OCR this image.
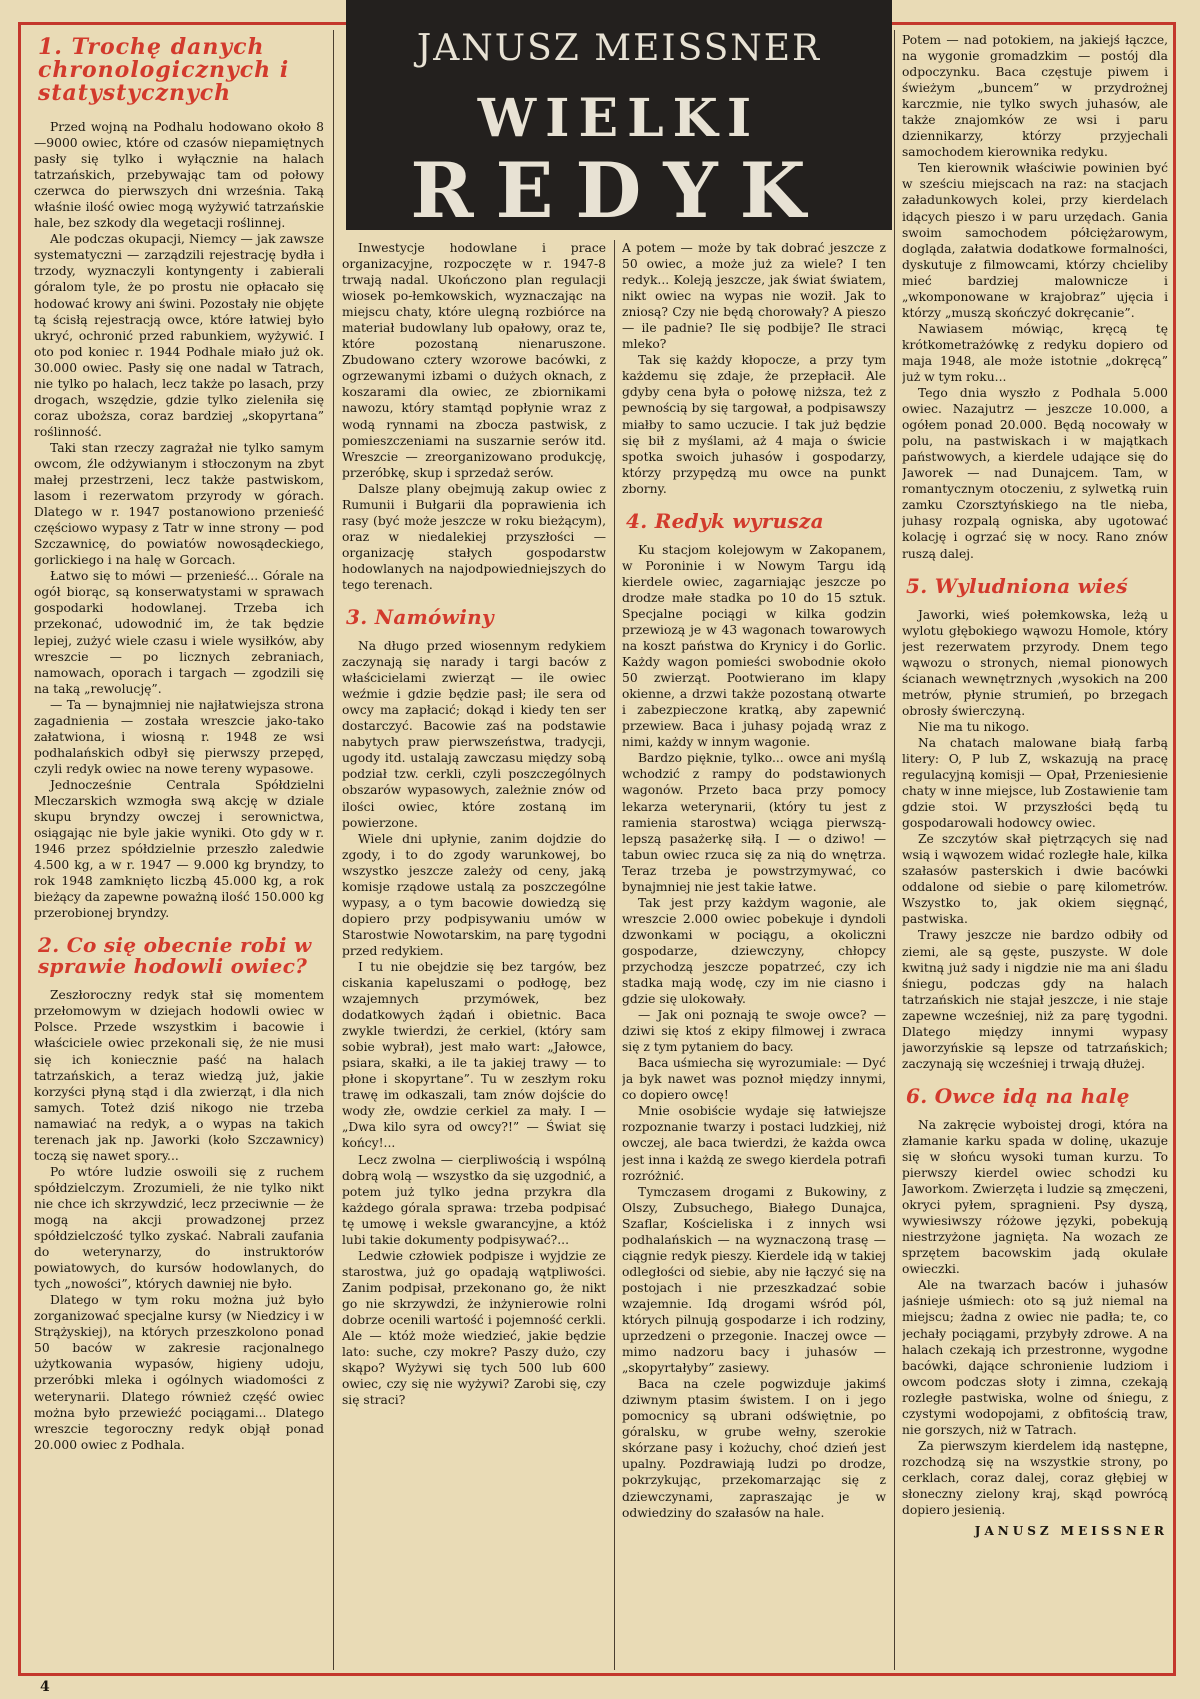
JANUSZ MEISSNER
WIELKI
REDYK
1. Trochę danych chronologicznych i statystycznych

Przed wojną na Podhalu hodowano około 8—9000 owiec, które od czasów niepamiętnych pasły się tylko i wyłącznie na halach tatrzańskich, przebywając tam od połowy czerwca do pierwszych dni września. Taką właśnie ilość owiec mogą wyżywić tatrzańskie hale, bez szkody dla wegetacji roślinnej.

Ale podczas okupacji, Niemcy — jak zawsze systematyczni — zarządzili rejestrację bydła i trzody, wyznaczyli kontyngenty i zabierali góralom tyle, że po prostu nie opłacało się hodować krowy ani świni. Pozostały nie objęte tą ścisłą rejestracją owce, które łatwiej było ukryć, ochronić przed rabunkiem, wyżywić. I oto pod koniec r. 1944 Podhale miało już ok. 30.000 owiec. Pasły się one nadal w Tatrach, nie tylko po halach, lecz także po lasach, przy drogach, wszędzie, gdzie tylko zieleniła się coraz uboższa, coraz bardziej „skopyrtana” roślinność.

Taki stan rzeczy zagrażał nie tylko samym owcom, źle odżywianym i stłoczonym na zbyt małej przestrzeni, lecz także pastwiskom, lasom i rezerwatom przyrody w górach. Dlatego w r. 1947 postanowiono przenieść częściowo wypasy z Tatr w inne strony — pod Szczawnicę, do powiatów nowosądeckiego, gorlickiego i na halę w Gorcach.

Łatwo się to mówi — przenieść... Górale na ogół biorąc, są konserwatystami w sprawach gospodarki hodowlanej. Trzeba ich przekonać, udowodnić im, że tak będzie lepiej, zużyć wiele czasu i wiele wysiłków, aby wreszcie — po licznych zebraniach, namowach, oporach i targach — zgodzili się na taką „rewolucję”.

— Ta — bynajmniej nie najłatwiejsza strona zagadnienia — została wreszcie jako-tako załatwiona, i wiosną r. 1948 ze wsi podhalańskich odbył się pierwszy przepęd, czyli redyk owiec na nowe tereny wypasowe.

Jednocześnie Centrala Spółdzielni Mleczarskich wzmogła swą akcję w dziale skupu bryndzy owczej i serownictwa, osiągając nie byle jakie wyniki. Oto gdy w r. 1946 przez spółdzielnie przeszło zaledwie 4.500 kg, a w r. 1947 — 9.000 kg bryndzy, to rok 1948 zamknięto liczbą 45.000 kg, a rok bieżący da zapewne poważną ilość 150.000 kg przerobionej bryndzy.

2. Co się obecnie robi w sprawie hodowli owiec?

Zeszłoroczny redyk stał się momentem przełomowym w dziejach hodowli owiec w Polsce. Przede wszystkim i bacowie i właściciele owiec przekonali się, że nie musi się ich koniecznie paść na halach tatrzańskich, a teraz wiedzą już, jakie korzyści płyną stąd i dla zwierząt, i dla nich samych. Toteż dziś nikogo nie trzeba namawiać na redyk, a o wypas na takich terenach jak np. Jaworki (koło Szczawnicy) toczą się nawet spory...

Po wtóre ludzie oswoili się z ruchem spółdzielczym. Zrozumieli, że nie tylko nikt nie chce ich skrzywdzić, lecz przeciwnie — że mogą na akcji prowadzonej przez spółdzielczość tylko zyskać. Nabrali zaufania do weterynarzy, do instruktorów powiatowych, do kursów hodowlanych, do tych „nowości”, których dawniej nie było.

Dlatego w tym roku można już było zorganizować specjalne kursy (w Niedzicy i w Strążyskiej), na których przeszkolono ponad 50 baców w zakresie racjonalnego użytkowania wypasów, higieny udoju, przeróbki mleka i ogólnych wiadomości z weterynarii. Dlatego również część owiec można było przewieźć pociągami... Dlatego wreszcie tegoroczny redyk objął ponad 20.000 owiec z Podhala.

Inwestycje hodowlane i prace organizacyjne, rozpoczęte w r. 1947-8 trwają nadal. Ukończono plan regulacji wiosek po-łemkowskich, wyznaczając na miejscu chaty, które ulegną rozbiórce na materiał budowlany lub opałowy, oraz te, które pozostaną nienaruszone. Zbudowano cztery wzorowe bacówki, z ogrzewanymi izbami o dużych oknach, z koszarami dla owiec, ze zbiornikami nawozu, który stamtąd popłynie wraz z wodą rynnami na zbocza pastwisk, z pomieszczeniami na suszarnie serów itd. Wreszcie — zreorganizowano produkcję, przeróbkę, skup i sprzedaż serów.

Dalsze plany obejmują zakup owiec z Rumunii i Bułgarii dla poprawienia ich rasy (być może jeszcze w roku bieżącym), oraz w niedalekiej przyszłości — organizację stałych gospodarstw hodowlanych na najodpowiedniejszych do tego terenach.

3. Namówiny

Na długo przed wiosennym redykiem zaczynają się narady i targi baców z właścicielami zwierząt — ile owiec weźmie i gdzie będzie pasł; ile sera od owcy ma zapłacić; dokąd i kiedy ten ser dostarczyć. Bacowie zaś na podstawie nabytych praw pierwszeństwa, tradycji, ugody itd. ustalają zawczasu między sobą podział tzw. cerkli, czyli poszczególnych obszarów wypasowych, zależnie znów od ilości owiec, które zostaną im powierzone.

Wiele dni upłynie, zanim dojdzie do zgody, i to do zgody warunkowej, bo wszystko jeszcze zależy od ceny, jaką komisje rządowe ustalą za poszczególne wypasy, a o tym bacowie dowiedzą się dopiero przy podpisywaniu umów w Starostwie Nowotarskim, na parę tygodni przed redykiem.

I tu nie obejdzie się bez targów, bez ciskania kapeluszami o podłogę, bez wzajemnych przymówek, bez dodatkowych żądań i obietnic. Baca zwykle twierdzi, że cerkiel, (który sam sobie wybrał), jest mało wart: „Jałowce, psiara, skałki, a ile ta jakiej trawy — to płone i skopyrtane”. Tu w zeszłym roku trawę im odkaszali, tam znów dojście do wody złe, owdzie cerkiel za mały. I — „Dwa kilo syra od owcy?!” — Świat się końcy!...

Lecz zwolna — cierpliwością i wspólną dobrą wolą — wszystko da się uzgodnić, a potem już tylko jedna przykra dla każdego górala sprawa: trzeba podpisać tę umowę i weksle gwarancyjne, a któż lubi takie dokumenty podpisywać?...

Ledwie człowiek podpisze i wyjdzie ze starostwa, już go opadają wątpliwości. Zanim podpisał, przekonano go, że nikt go nie skrzywdzi, że inżynierowie rolni dobrze ocenili wartość i pojemność cerkli. Ale — któż może wiedzieć, jakie będzie lato: suche, czy mokre? Paszy dużo, czy skąpo? Wyżywi się tych 500 lub 600 owiec, czy się nie wyżywi? Zarobi się, czy się straci?

A potem — może by tak dobrać jeszcze z 50 owiec, a może już za wiele? I ten redyk... Koleją jeszcze, jak świat światem, nikt owiec na wypas nie woził. Jak to zniosą? Czy nie będą chorowały? A pieszo — ile padnie? Ile się podbije? Ile straci mleko?

Tak się każdy kłopocze, a przy tym każdemu się zdaje, że przepłacił. Ale gdyby cena była o połowę niższa, też z pewnością by się targował, a podpisawszy miałby to samo uczucie. I tak już będzie się bił z myślami, aż 4 maja o świcie spotka swoich juhasów i gospodarzy, którzy przypędzą mu owce na punkt zborny.

4. Redyk wyrusza

Ku stacjom kolejowym w Zakopanem, w Poroninie i w Nowym Targu idą kierdele owiec, zagarniając jeszcze po drodze małe stadka po 10 do 15 sztuk. Specjalne pociągi w kilka godzin przewiozą je w 43 wagonach towarowych na koszt państwa do Krynicy i do Gorlic. Każdy wagon pomieści swobodnie około 50 zwierząt. Pootwierano im klapy okienne, a drzwi także pozostaną otwarte i zabezpieczone kratką, aby zapewnić przewiew. Baca i juhasy pojadą wraz z nimi, każdy w innym wagonie.

Bardzo pięknie, tylko... owce ani myślą wchodzić z rampy do podstawionych wagonów. Przeto baca przy pomocy lekarza weterynarii, (który tu jest z ramienia starostwa) wciąga pierwszą-lepszą pasażerkę siłą. I — o dziwo! — tabun owiec rzuca się za nią do wnętrza. Teraz trzeba je powstrzymywać, co bynajmniej nie jest takie łatwe.

Tak jest przy każdym wagonie, ale wreszcie 2.000 owiec pobekuje i dyndoli dzwonkami w pociągu, a okoliczni gospodarze, dziewczyny, chłopcy przychodzą jeszcze popatrzeć, czy ich stadka mają wodę, czy im nie ciasno i gdzie się ulokowały.

— Jak oni poznają te swoje owce? — dziwi się ktoś z ekipy filmowej i zwraca się z tym pytaniem do bacy.

Baca uśmiecha się wyrozumiale: — Dyć ja byk nawet was poznoł między innymi, co dopiero owcę!

Mnie osobiście wydaje się łatwiejsze rozpoznanie twarzy i postaci ludzkiej, niż owczej, ale baca twierdzi, że każda owca jest inna i każdą ze swego kierdela potrafi rozróżnić.

Tymczasem drogami z Bukowiny, z Olszy, Zubsuchego, Białego Dunajca, Szaflar, Kościeliska i z innych wsi podhalańskich — na wyznaczoną trasę — ciągnie redyk pieszy. Kierdele idą w takiej odległości od siebie, aby nie łączyć się na postojach i nie przeszkadzać sobie wzajemnie. Idą drogami wśród pól, których pilnują gospodarze i ich rodziny, uprzedzeni o przegonie. Inaczej owce — mimo nadzoru bacy i juhasów — „skopyrtałyby” zasiewy.

Baca na czele pogwizduje jakimś dziwnym ptasim świstem. I on i jego pomocnicy są ubrani odświętnie, po góralsku, w grube wełny, szerokie skórzane pasy i kożuchy, choć dzień jest upalny. Pozdrawiają ludzi po drodze, pokrzykując, przekomarzając się z dziewczynami, zapraszając je w odwiedziny do szałasów na hale.

Potem — nad potokiem, na jakiejś łączce, na wygonie gromadzkim — postój dla odpoczynku. Baca częstuje piwem i świeżym „buncem” w przydrożnej karczmie, nie tylko swych juhasów, ale także znajomków ze wsi i paru dziennikarzy, którzy przyjechali samochodem kierownika redyku.

Ten kierownik właściwie powinien być w sześciu miejscach na raz: na stacjach załadunkowych kolei, przy kierdelach idących pieszo i w paru urzędach. Gania swoim samochodem półciężarowym, dogląda, załatwia dodatkowe formalności, dyskutuje z filmowcami, którzy chcieliby mieć bardziej malownicze i „wkomponowane w krajobraz” ujęcia i którzy „muszą skończyć dokręcanie”.

Nawiasem mówiąc, kręcą tę krótkometrażówkę z redyku dopiero od maja 1948, ale może istotnie „dokręcą” już w tym roku...

Tego dnia wyszło z Podhala 5.000 owiec. Nazajutrz — jeszcze 10.000, a ogółem ponad 20.000. Będą nocowały w polu, na pastwiskach i w majątkach państwowych, a kierdele udające się do Jaworek — nad Dunajcem. Tam, w romantycznym otoczeniu, z sylwetką ruin zamku Czorsztyńskiego na tle nieba, juhasy rozpalą ogniska, aby ugotować kolację i ogrzać się w nocy. Rano znów ruszą dalej.

5. Wyludniona wieś

Jaworki, wieś połemkowska, leżą u wylotu głębokiego wąwozu Homole, który jest rezerwatem przyrody. Dnem tego wąwozu o stronych, niemal pionowych ścianach wewnętrznych ,wysokich na 200 metrów, płynie strumień, po brzegach obrosły świerczyną.

Nie ma tu nikogo.

Na chatach malowane białą farbą litery: O, P lub Z, wskazują na pracę regulacyjną komisji — Opał, Przeniesienie chaty w inne miejsce, lub Zostawienie tam gdzie stoi. W przyszłości będą tu gospodarowali hodowcy owiec.

Ze szczytów skał piętrzących się nad wsią i wąwozem widać rozległe hale, kilka szałasów pasterskich i dwie bacówki oddalone od siebie o parę kilometrów. Wszystko to, jak okiem sięgnąć, pastwiska.

Trawy jeszcze nie bardzo odbiły od ziemi, ale są gęste, puszyste. W dole kwitną już sady i nigdzie nie ma ani śladu śniegu, podczas gdy na halach tatrzańskich nie stajał jeszcze, i nie staje zapewne wcześniej, niż za parę tygodni. Dlatego między innymi wypasy jaworzyńskie są lepsze od tatrzańskich; zaczynają się wcześniej i trwają dłużej.

6. Owce idą na halę

Na zakręcie wyboistej drogi, która na złamanie karku spada w dolinę, ukazuje się w słońcu wysoki tuman kurzu. To pierwszy kierdel owiec schodzi ku Jaworkom. Zwierzęta i ludzie są zmęczeni, okryci pyłem, spragnieni. Psy dyszą, wywiesiwszy różowe języki, pobekują niestrzyżone jagnięta. Na wozach ze sprzętem bacowskim jadą okulałe owieczki.

Ale na twarzach baców i juhasów jaśnieje uśmiech: oto są już niemal na miejscu; żadna z owiec nie padła; te, co jechały pociągami, przybyły zdrowe. A na halach czekają ich przestronne, wygodne bacówki, dające schronienie ludziom i owcom podczas słoty i zimna, czekają rozległe pastwiska, wolne od śniegu, z czystymi wodopojami, z obfitością traw, nie gorszych, niż w Tatrach.

Za pierwszym kierdelem idą następne, rozchodzą się na wszystkie strony, po cerklach, coraz dalej, coraz głębiej w słoneczny zielony kraj, skąd powrócą dopiero jesienią.

JANUSZ MEISSNER
4
